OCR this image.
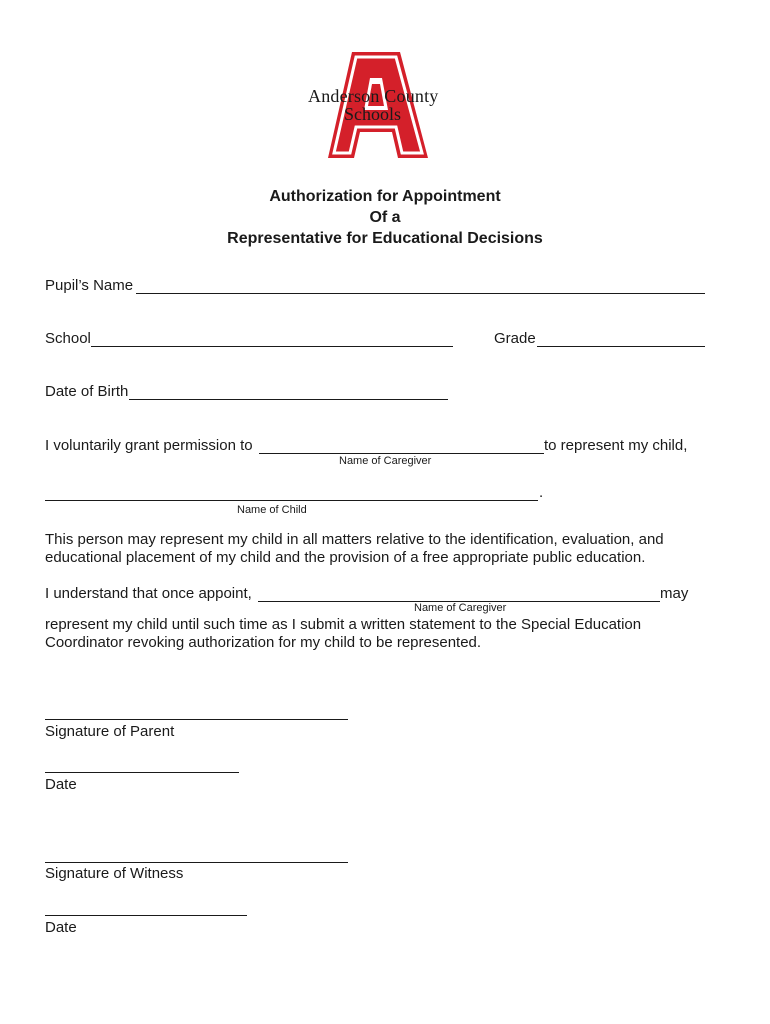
Anderson County
Schools
Authorization for Appointment
Of a
Representative for Educational Decisions
Pupil’s Name
School	Grade
Date of Birth
I voluntarily grant permission to	to represent my child,
Name of Caregiver
.
Name of Child
This person may represent my child in all matters relative to the identification, evaluation, and
educational placement of my child and the provision of a free appropriate public education.
I understand that once appoint,	may
Name of Caregiver
represent my child until such time as I submit a written statement to the Special Education
Coordinator revoking authorization for my child to be represented.
Signature of Parent
Date
Signature of Witness
Date
